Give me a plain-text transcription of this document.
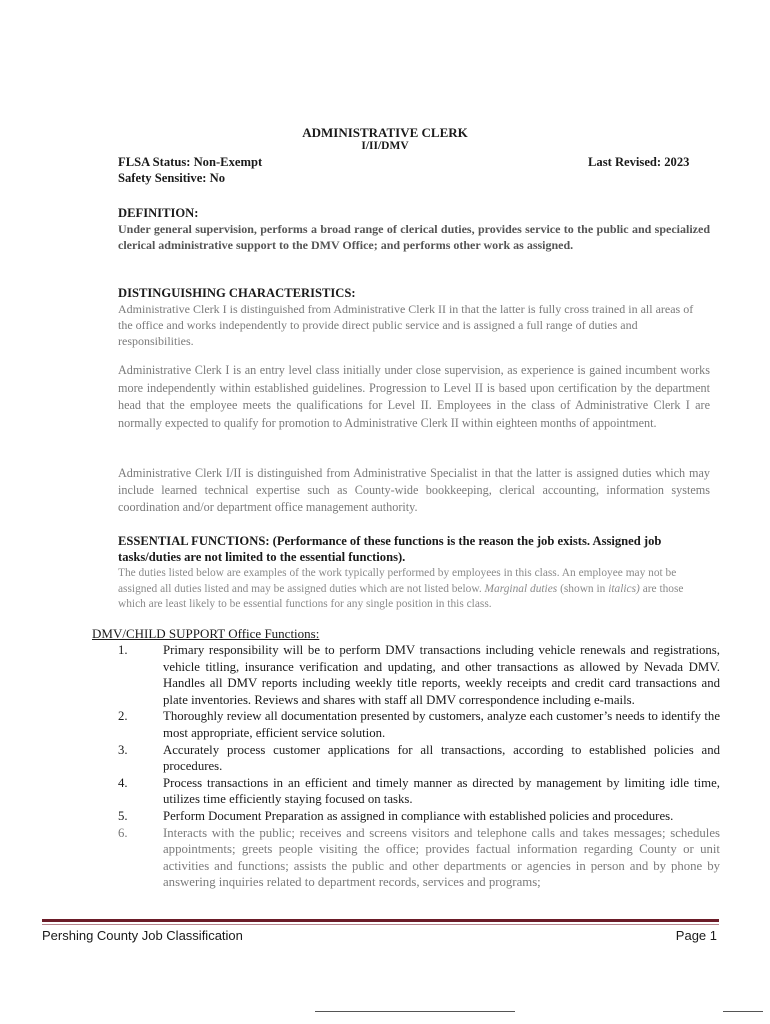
ADMINISTRATIVE CLERK
I/II/DMV
FLSA Status: Non-Exempt	Last Revised: 2023
Safety Sensitive: No
DEFINITION:
Under general supervision, performs a broad range of clerical duties, provides service to the public and specialized clerical administrative support to the DMV Office; and performs other work as assigned.
DISTINGUISHING CHARACTERISTICS:
Administrative Clerk I is distinguished from Administrative Clerk II in that the latter is fully cross trained in all areas of the office and works independently to provide direct public service and is assigned a full range of duties and responsibilities.
Administrative Clerk I is an entry level class initially under close supervision, as experience is gained incumbent works more independently within established guidelines. Progression to Level II is based upon certification by the department head that the employee meets the qualifications for Level II. Employees in the class of Administrative Clerk I are normally expected to qualify for promotion to Administrative Clerk II within eighteen months of appointment.
Administrative Clerk I/II is distinguished from Administrative Specialist in that the latter is assigned duties which may include learned technical expertise such as County-wide bookkeeping, clerical accounting, information systems coordination and/or department office management authority.
ESSENTIAL FUNCTIONS: (Performance of these functions is the reason the job exists. Assigned job tasks/duties are not limited to the essential functions).
The duties listed below are examples of the work typically performed by employees in this class. An employee may not be assigned all duties listed and may be assigned duties which are not listed below. Marginal duties (shown in italics) are those which are least likely to be essential functions for any single position in this class.
DMV/CHILD SUPPORT Office Functions:
1.	Primary responsibility will be to perform DMV transactions including vehicle renewals and registrations, vehicle titling, insurance verification and updating, and other transactions as allowed by Nevada DMV. Handles all DMV reports including weekly title reports, weekly receipts and credit card transactions and plate inventories. Reviews and shares with staff all DMV correspondence including e-mails.
2.	Thoroughly review all documentation presented by customers, analyze each customer’s needs to identify the most appropriate, efficient service solution.
3.	Accurately process customer applications for all transactions, according to established policies and procedures.
4.	Process transactions in an efficient and timely manner as directed by management by limiting idle time, utilizes time efficiently staying focused on tasks.
5.	Perform Document Preparation as assigned in compliance with established policies and procedures.
6.	Interacts with the public; receives and screens visitors and telephone calls and takes messages; schedules appointments; greets people visiting the office; provides factual information regarding County or unit activities and functions; assists the public and other departments or agencies in person and by phone by answering inquiries related to department records, services and programs;
Pershing County Job Classification	Page 1
